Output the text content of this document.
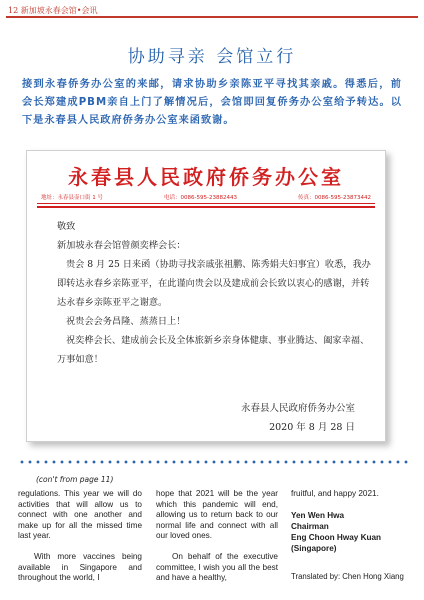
12 新加坡永春会馆•会讯
协助寻亲 会馆立行
接到永春侨务办公室的来邮，请求协助乡亲陈亚平寻找其亲戚。得悉后，前会长郑建成PBM亲自上门了解情况后，会馆即回复侨务办公室给予转达。以下是永春县人民政府侨务办公室来函致谢。
永春县人民政府侨务办公室
地址：永春县壶口街 1 号	电话：0086-595-23882443	传真：0086-595-23873442

敬致

新加坡永春会馆曾颜奕桦会长：

贵会 8 月 25 日来函（协助寻找亲戚张祖鹏、陈秀娟夫妇事宜）收悉，我办即转达永春乡亲陈亚平，在此谨向贵会以及建成前会长致以衷心的感谢，并转达永春乡亲陈亚平之谢意。

祝贵会会务昌隆、蒸蒸日上！

祝奕桦会长、建成前会长及全体旅新乡亲身体健康、事业腾达、阖家幸福、万事如意！

永春县人民政府侨务办公室
2020 年 8 月 28 日
(con't from page 11)

regulations. This year we will do activities that will allow us to connect with one another and make up for all the missed time last year.

With more vaccines being available in Singapore and throughout the world, I

hope that 2021 will be the year which this pandemic will end, allowing us to return back to our normal life and connect with all our loved ones.

On behalf of the executive committee, I wish you all the best and have a healthy,

fruitful, and happy 2021.

Yen Wen Hwa
Chairman
Eng Choon Hway Kuan
(Singapore)
Translated by: Chen Hong Xiang
